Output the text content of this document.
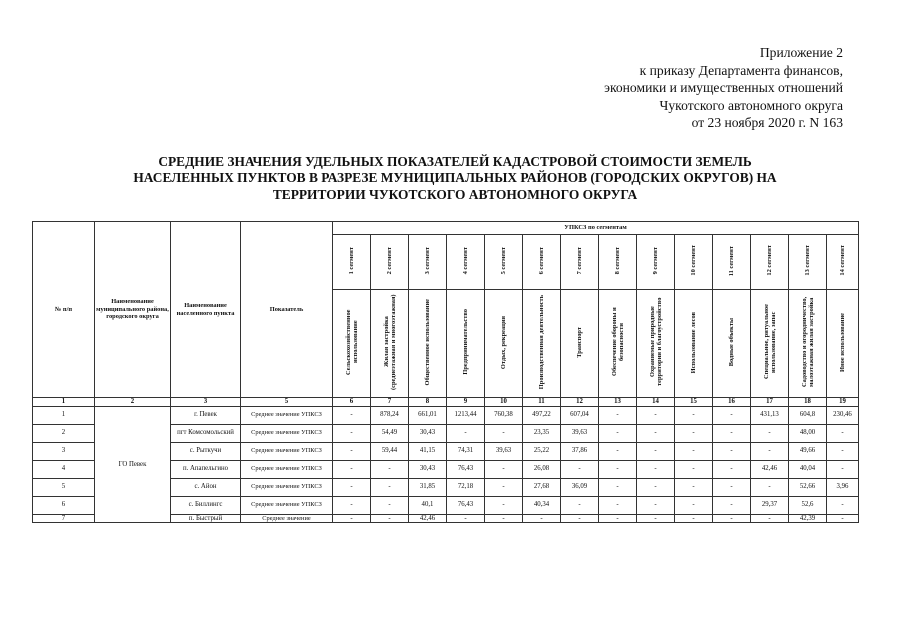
Приложение 2
к приказу Департамента финансов,
экономики и имущественных отношений
Чукотского автономного округа
от 23 ноября 2020 г. N 163
СРЕДНИЕ ЗНАЧЕНИЯ УДЕЛЬНЫХ ПОКАЗАТЕЛЕЙ КАДАСТРОВОЙ СТОИМОСТИ ЗЕМЕЛЬ
НАСЕЛЕННЫХ ПУНКТОВ В РАЗРЕЗЕ МУНИЦИПАЛЬНЫХ РАЙОНОВ (ГОРОДСКИХ ОКРУГОВ) НА
ТЕРРИТОРИИ ЧУКОТСКОГО АВТОНОМНОГО ОКРУГА
№ п/п	Наименование муниципального района, городского округа	Наименование населенного пункта	Показатель	УПКСЗ по сегментам													
				1 сегмент	2 сегмент	3 сегмент	4 сегмент	5 сегмент	6 сегмент	7 сегмент	8 сегмент	9 сегмент	10 сегмент	11 сегмент	12 сегмент	13 сегмент	14 сегмент
				Сельскохозяйственное использование	Жилая застройка (среднеэтажная и многоэтажная)	Общественное использование	Предпринимательство	Отдых, рекреация	Производственная деятельность	Транспорт	Обеспечение обороны и безопасности	Охраняемые природные территории и благоустройство	Использование лесов	Водные объекты	Специальное, ритуальное использование, запас	Садоводство и огородничество, малоэтажная жилая застройка	Иное использование
1	2	3	5	6	7	8	9	10	11	12	13	14	15	16	17	18	19
1	ГО Певек	г. Певек	Среднее значение УПКСЗ	-	878,24	661,01	1213,44	760,38	497,22	607,04	-	-	-	-	431,13	604,8	230,46
2		пгт Комсомольский	Среднее значение УПКСЗ	-	54,49	30,43	-	-	23,35	39,63	-	-	-	-	-	48,00	-
3		с. Рыткучи	Среднее значение УПКСЗ	-	59,44	41,15	74,31	39,63	25,22	37,86	-	-	-	-	-	49,66	-
4		п. Апапельгино	Среднее значение УПКСЗ	-	-	30,43	76,43	-	26,08	-	-	-	-	-	42,46	40,04	-
5		с. Айон	Среднее значение УПКСЗ	-	-	31,85	72,18	-	27,68	36,09	-	-	-	-	-	52,66	3,96
6		с. Биллингс	Среднее значение УПКСЗ	-	-	40,1	76,43	-	40,34	-	-	-	-	-	29,37	52,6	-
7		п. Быстрый	Среднее значение	-	-	42,46	-	-	-	-	-	-	-	-	-	42,39	-
